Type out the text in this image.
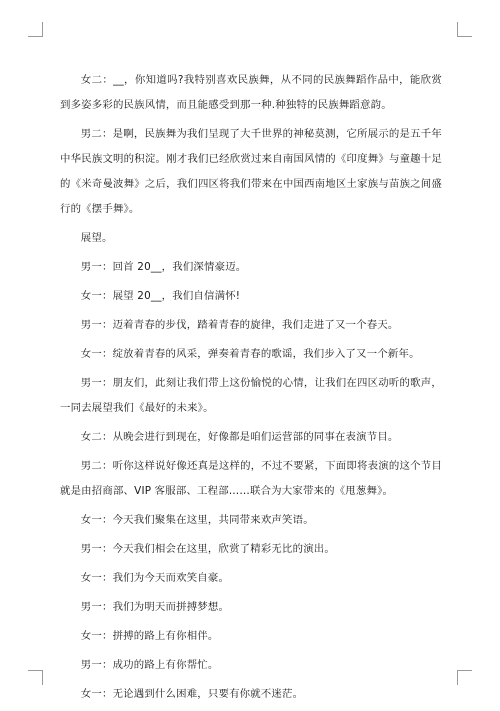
女二：__，你知道吗?我特别喜欢民族舞，从不同的民族舞蹈作品中，能欣赏到多姿多彩的民族风情，而且能感受到那一种.种独特的民族舞蹈意韵。

男二：是啊，民族舞为我们呈现了大千世界的神秘莫测，它所展示的是五千年中华民族文明的积淀。刚才我们已经欣赏过来自南国风情的《印度舞》与童趣十足的《米奇曼波舞》之后，我们四区将我们带来在中国西南地区土家族与苗族之间盛行的《摆手舞》。

展望。

男一：回首 20__，我们深情豪迈。

女一：展望 20__，我们自信满怀!

男一：迈着青春的步伐，踏着青春的旋律，我们走进了又一个春天。

女一：绽放着青春的风采，弹奏着青春的歌谣，我们步入了又一个新年。

男一：朋友们，此刻让我们带上这份愉悦的心情，让我们在四区动听的歌声，一同去展望我们《最好的未来》。

女二：从晚会进行到现在，好像都是咱们运营部的同事在表演节目。

男二：听你这样说好像还真是这样的，不过不要紧，下面即将表演的这个节目就是由招商部、VIP 客服部、工程部……联合为大家带来的《甩葱舞》。

女一：今天我们聚集在这里，共同带来欢声笑语。

男一：今天我们相会在这里，欣赏了精彩无比的演出。

女一：我们为今天而欢笑自豪。

男一：我们为明天而拼搏梦想。

女一：拼搏的路上有你相伴。

男一：成功的路上有你帮忙。

女一：无论遇到什么困难，只要有你就不迷茫。
